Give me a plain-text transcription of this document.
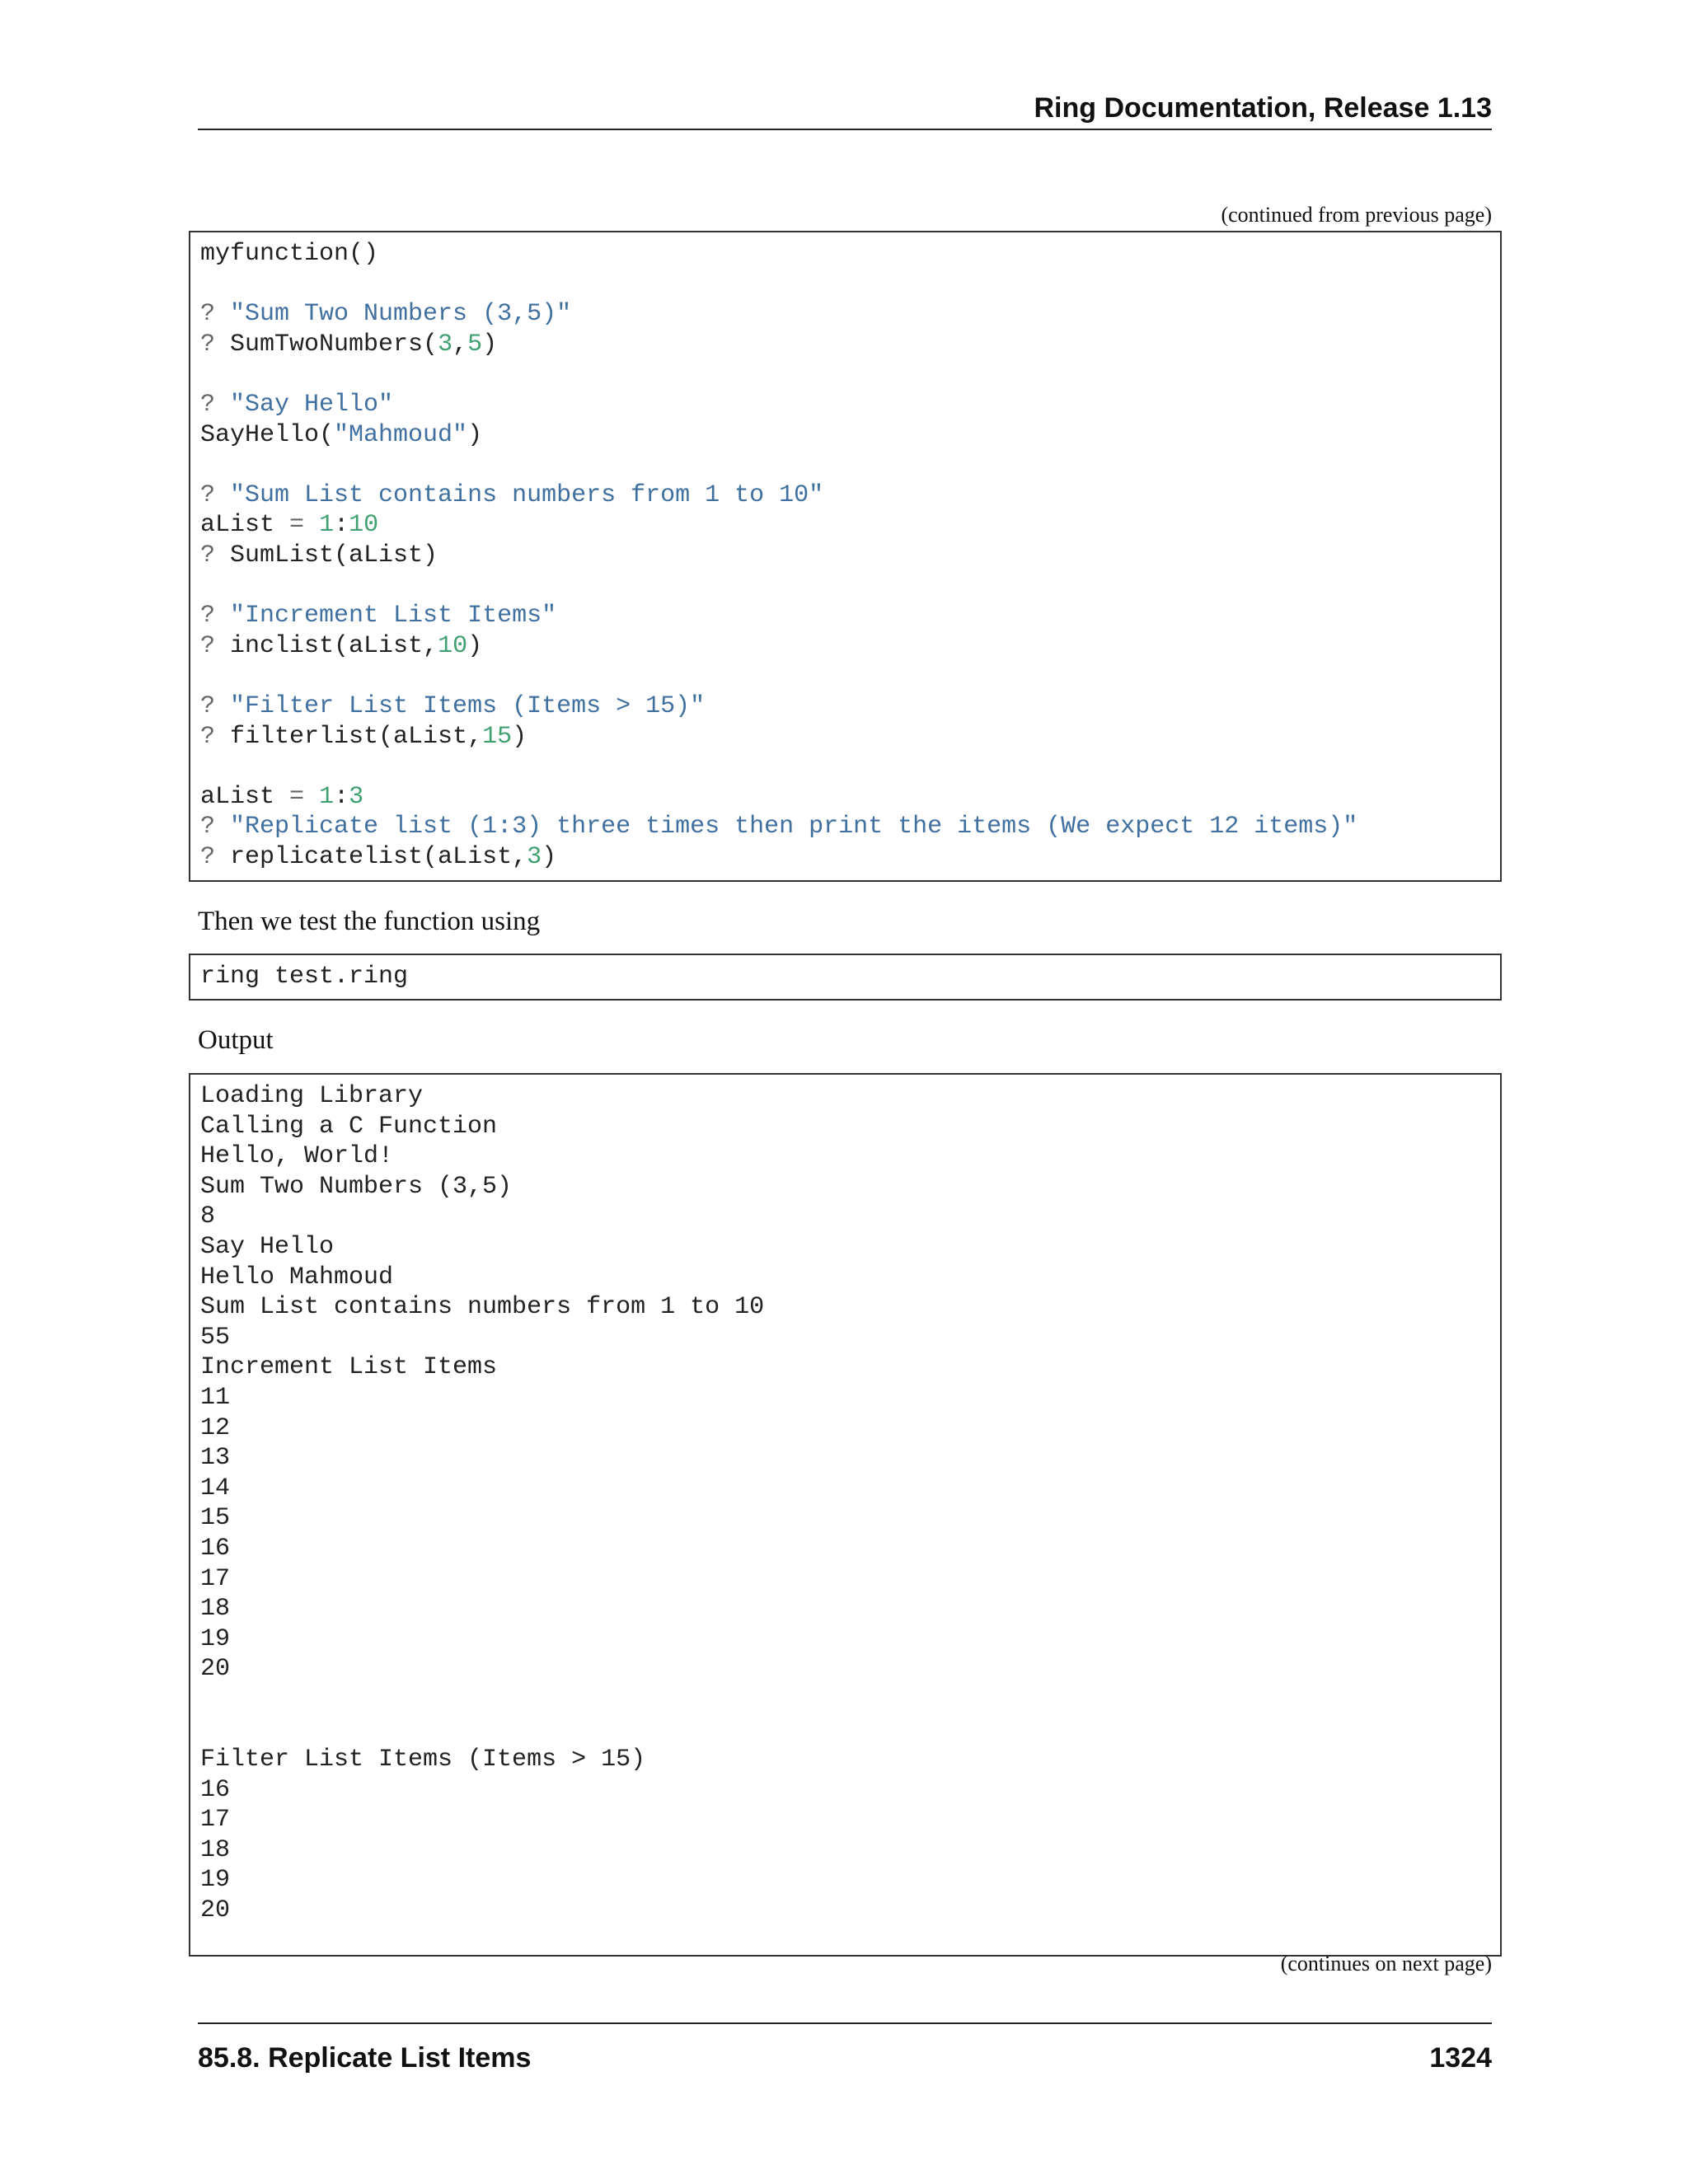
Ring Documentation, Release 1.13
(continued from previous page)
myfunction()

? "Sum Two Numbers (3,5)"
? SumTwoNumbers(3,5)

? "Say Hello"
SayHello("Mahmoud")

? "Sum List contains numbers from 1 to 10"
aList = 1:10
? SumList(aList)

? "Increment List Items"
? inclist(aList,10)

? "Filter List Items (Items > 15)"
? filterlist(aList,15)

aList = 1:3
? "Replicate list (1:3) three times then print the items (We expect 12 items)"
? replicatelist(aList,3)
Then we test the function using
ring test.ring
Output
Loading Library
Calling a C Function
Hello, World!
Sum Two Numbers (3,5)
8
Say Hello
Hello Mahmoud
Sum List contains numbers from 1 to 10
55
Increment List Items
11
12
13
14
15
16
17
18
19
20

Filter List Items (Items > 15)
16
17
18
19
20

(continues on next page)
85.8. Replicate List Items	1324
